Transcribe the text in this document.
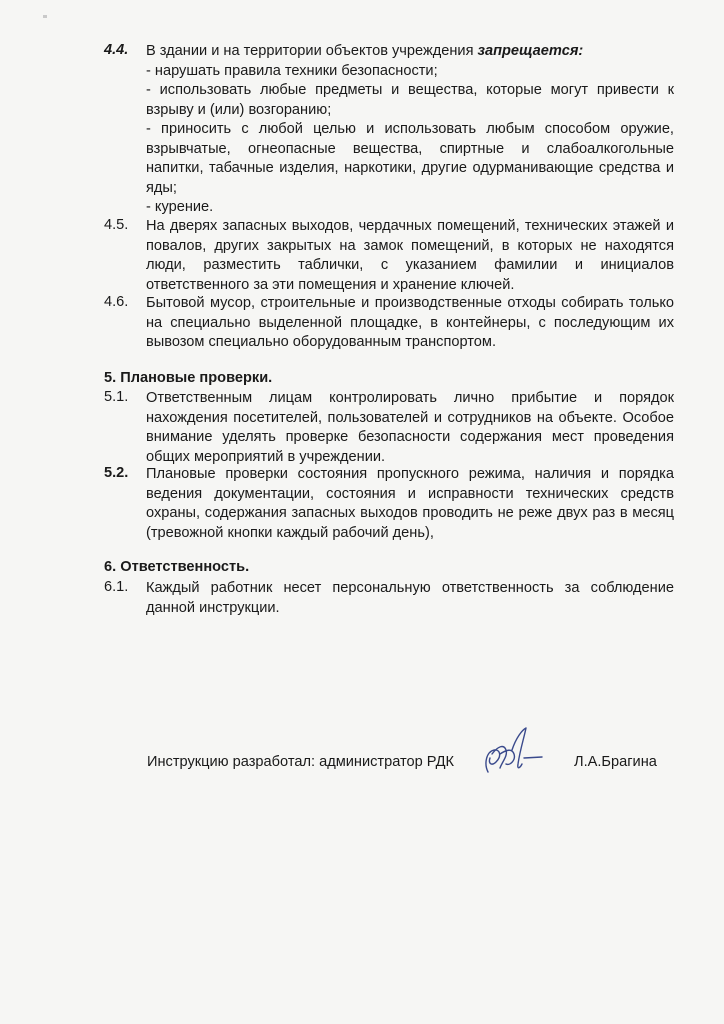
4.4. В здании и на территории объектов учреждения запрещается:
- нарушать правила техники безопасности;
- использовать любые предметы и вещества, которые могут привести к
взрыву и (или) возгоранию;
- приносить с любой целью и использовать любым способом оружие,
взрывчатые, огнеопасные вещества, спиртные и слабоалкогольные
напитки, табачные изделия, наркотики, другие одурманивающие средства и
яды;
- курение.
4.5. На дверях запасных выходов, чердачных помещений, технических этажей и
повалов, других закрытых на замок помещений, в которых не находятся
люди, разместить таблички, с указанием фамилии и инициалов
ответственного за эти помещения и хранение ключей.
4.6. Бытовой мусор, строительные и производственные отходы собирать только
на специально выделенной площадке, в контейнеры, с последующим их
вывозом специально оборудованным транспортом.
5. Плановые проверки.
5.1. Ответственным лицам контролировать лично прибытие и порядок
нахождения посетителей, пользователей и сотрудников на объекте. Особое
внимание уделять проверке безопасности содержания мест проведения
общих мероприятий в учреждении.
5.2. Плановые проверки состояния пропускного режима, наличия и порядка
ведения документации, состояния и исправности технических средств
охраны, содержания запасных выходов проводить не реже двух раз в месяц
(тревожной кнопки каждый рабочий день),
6. Ответственность.
6.1. Каждый работник несет персональную ответственность за соблюдение
данной инструкции.
Инструкцию разработал: администратор РДК	Л.А.Брагина
